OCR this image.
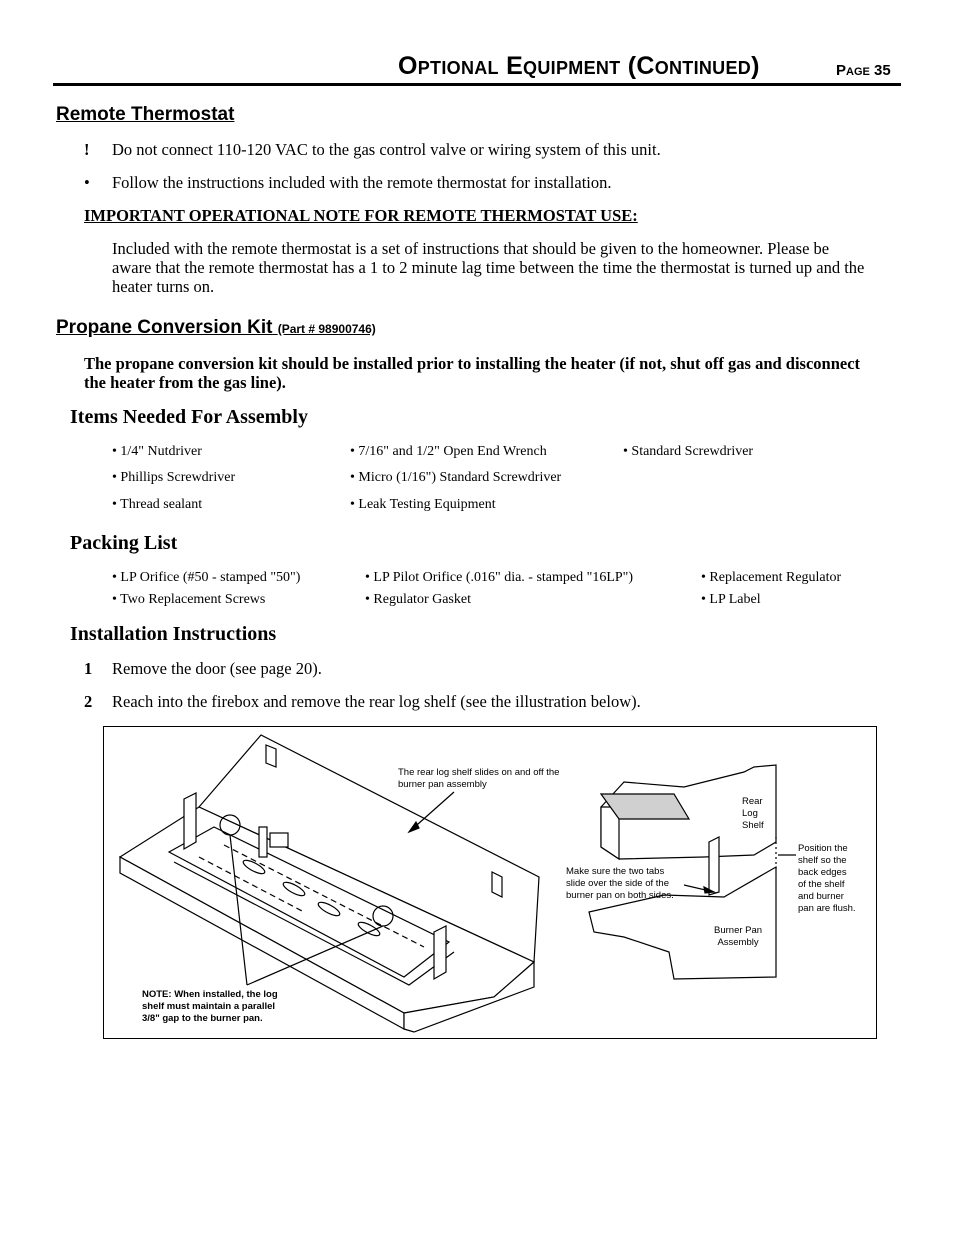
Optional Equipment (Continued)	Page 35
Remote Thermostat
! Do not connect 110-120 VAC to the gas control valve or wiring system of this unit.
• Follow the instructions included with the remote thermostat for installation.
IMPORTANT OPERATIONAL NOTE FOR REMOTE THERMOSTAT USE:
Included with the remote thermostat is a set of instructions that should be given to the homeowner. Please be aware that the remote thermostat has a 1 to 2 minute lag time between the time the thermostat is turned up and the heater turns on.
Propane Conversion Kit (Part # 98900746)
The propane conversion kit should be installed prior to installing the heater (if not, shut off gas and disconnect the heater from the gas line).
Items Needed For Assembly
• 1/4" Nutdriver	• 7/16" and 1/2" Open End Wrench	• Standard Screwdriver
• Phillips Screwdriver	• Micro (1/16") Standard Screwdriver
• Thread sealant	• Leak Testing Equipment
Packing List
• LP Orifice (#50 - stamped "50")	• LP Pilot Orifice (.016" dia. - stamped "16LP")	• Replacement Regulator
• Two Replacement Screws	• Regulator Gasket	• LP Label
Installation Instructions
1 Remove the door (see page 20).
2 Reach into the firebox and remove the rear log shelf (see the illustration below).
The rear log shelf slides on and off the
burner pan assembly
NOTE: When installed, the log
shelf must maintain a parallel
3/8" gap to the burner pan.
Rear
Log
Shelf
Make sure the two tabs
slide over the side of the
burner pan on both sides.
Burner Pan
Assembly
Position the
shelf so the
back edges
of the shelf
and burner
pan are flush.
